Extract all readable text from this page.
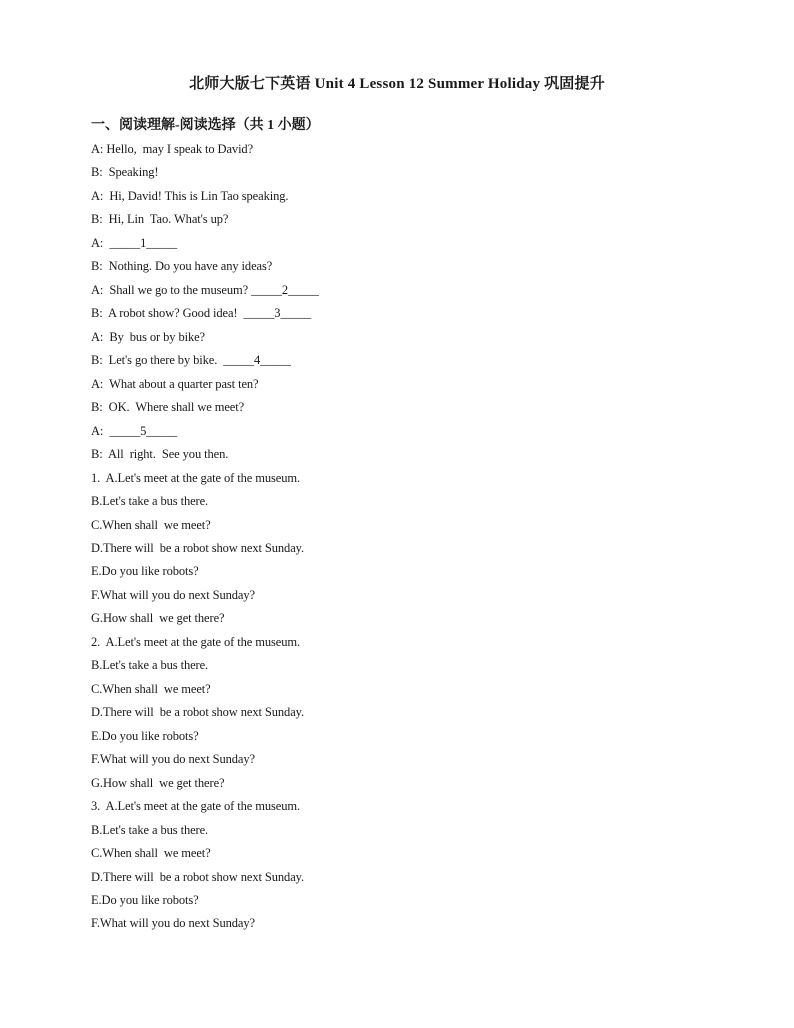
北师大版七下英语 Unit 4 Lesson 12 Summer Holiday 巩固提升
一、阅读理解-阅读选择（共 1 小题）
A: Hello,  may I speak to David?
B:  Speaking!
A:  Hi, David! This is Lin Tao speaking.
B:  Hi, Lin  Tao. What's up?
A:  _____1_____
B:  Nothing. Do you have any ideas?
A:  Shall we go to the museum? _____2_____
B:  A robot show? Good idea!  _____3_____
A:  By  bus or by bike?
B:  Let's go there by bike.  _____4_____
A:  What about a quarter past ten?
B:  OK.  Where shall we meet?
A:  _____5_____
B:  All  right.  See you then.
1.  A.Let's meet at the gate of the museum.
B.Let's take a bus there.
C.When shall  we meet?
D.There will  be a robot show next Sunday.
E.Do you like robots?
F.What will you do next Sunday?
G.How shall  we get there?
2.  A.Let's meet at the gate of the museum.
B.Let's take a bus there.
C.When shall  we meet?
D.There will  be a robot show next Sunday.
E.Do you like robots?
F.What will you do next Sunday?
G.How shall  we get there?
3.  A.Let's meet at the gate of the museum.
B.Let's take a bus there.
C.When shall  we meet?
D.There will  be a robot show next Sunday.
E.Do you like robots?
F.What will you do next Sunday?
